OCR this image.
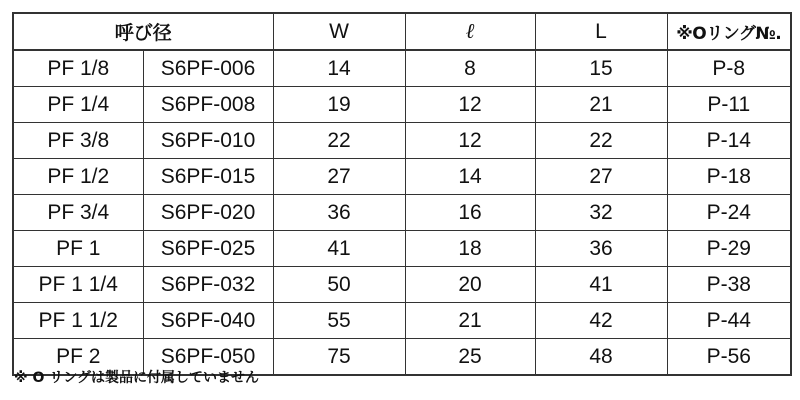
呼び径		W	ℓ	L	※Oリング№.
PF 1/8	S6PF-006	14	8	15	P-8
PF 1/4	S6PF-008	19	12	21	P-11
PF 3/8	S6PF-010	22	12	22	P-14
PF 1/2	S6PF-015	27	14	27	P-18
PF 3/4	S6PF-020	36	16	32	P-24
PF 1	S6PF-025	41	18	36	P-29
PF 1 1/4	S6PF-032	50	20	41	P-38
PF 1 1/2	S6PF-040	55	21	42	P-44
PF 2	S6PF-050	75	25	48	P-56
※ O リングは製品に付属していません
